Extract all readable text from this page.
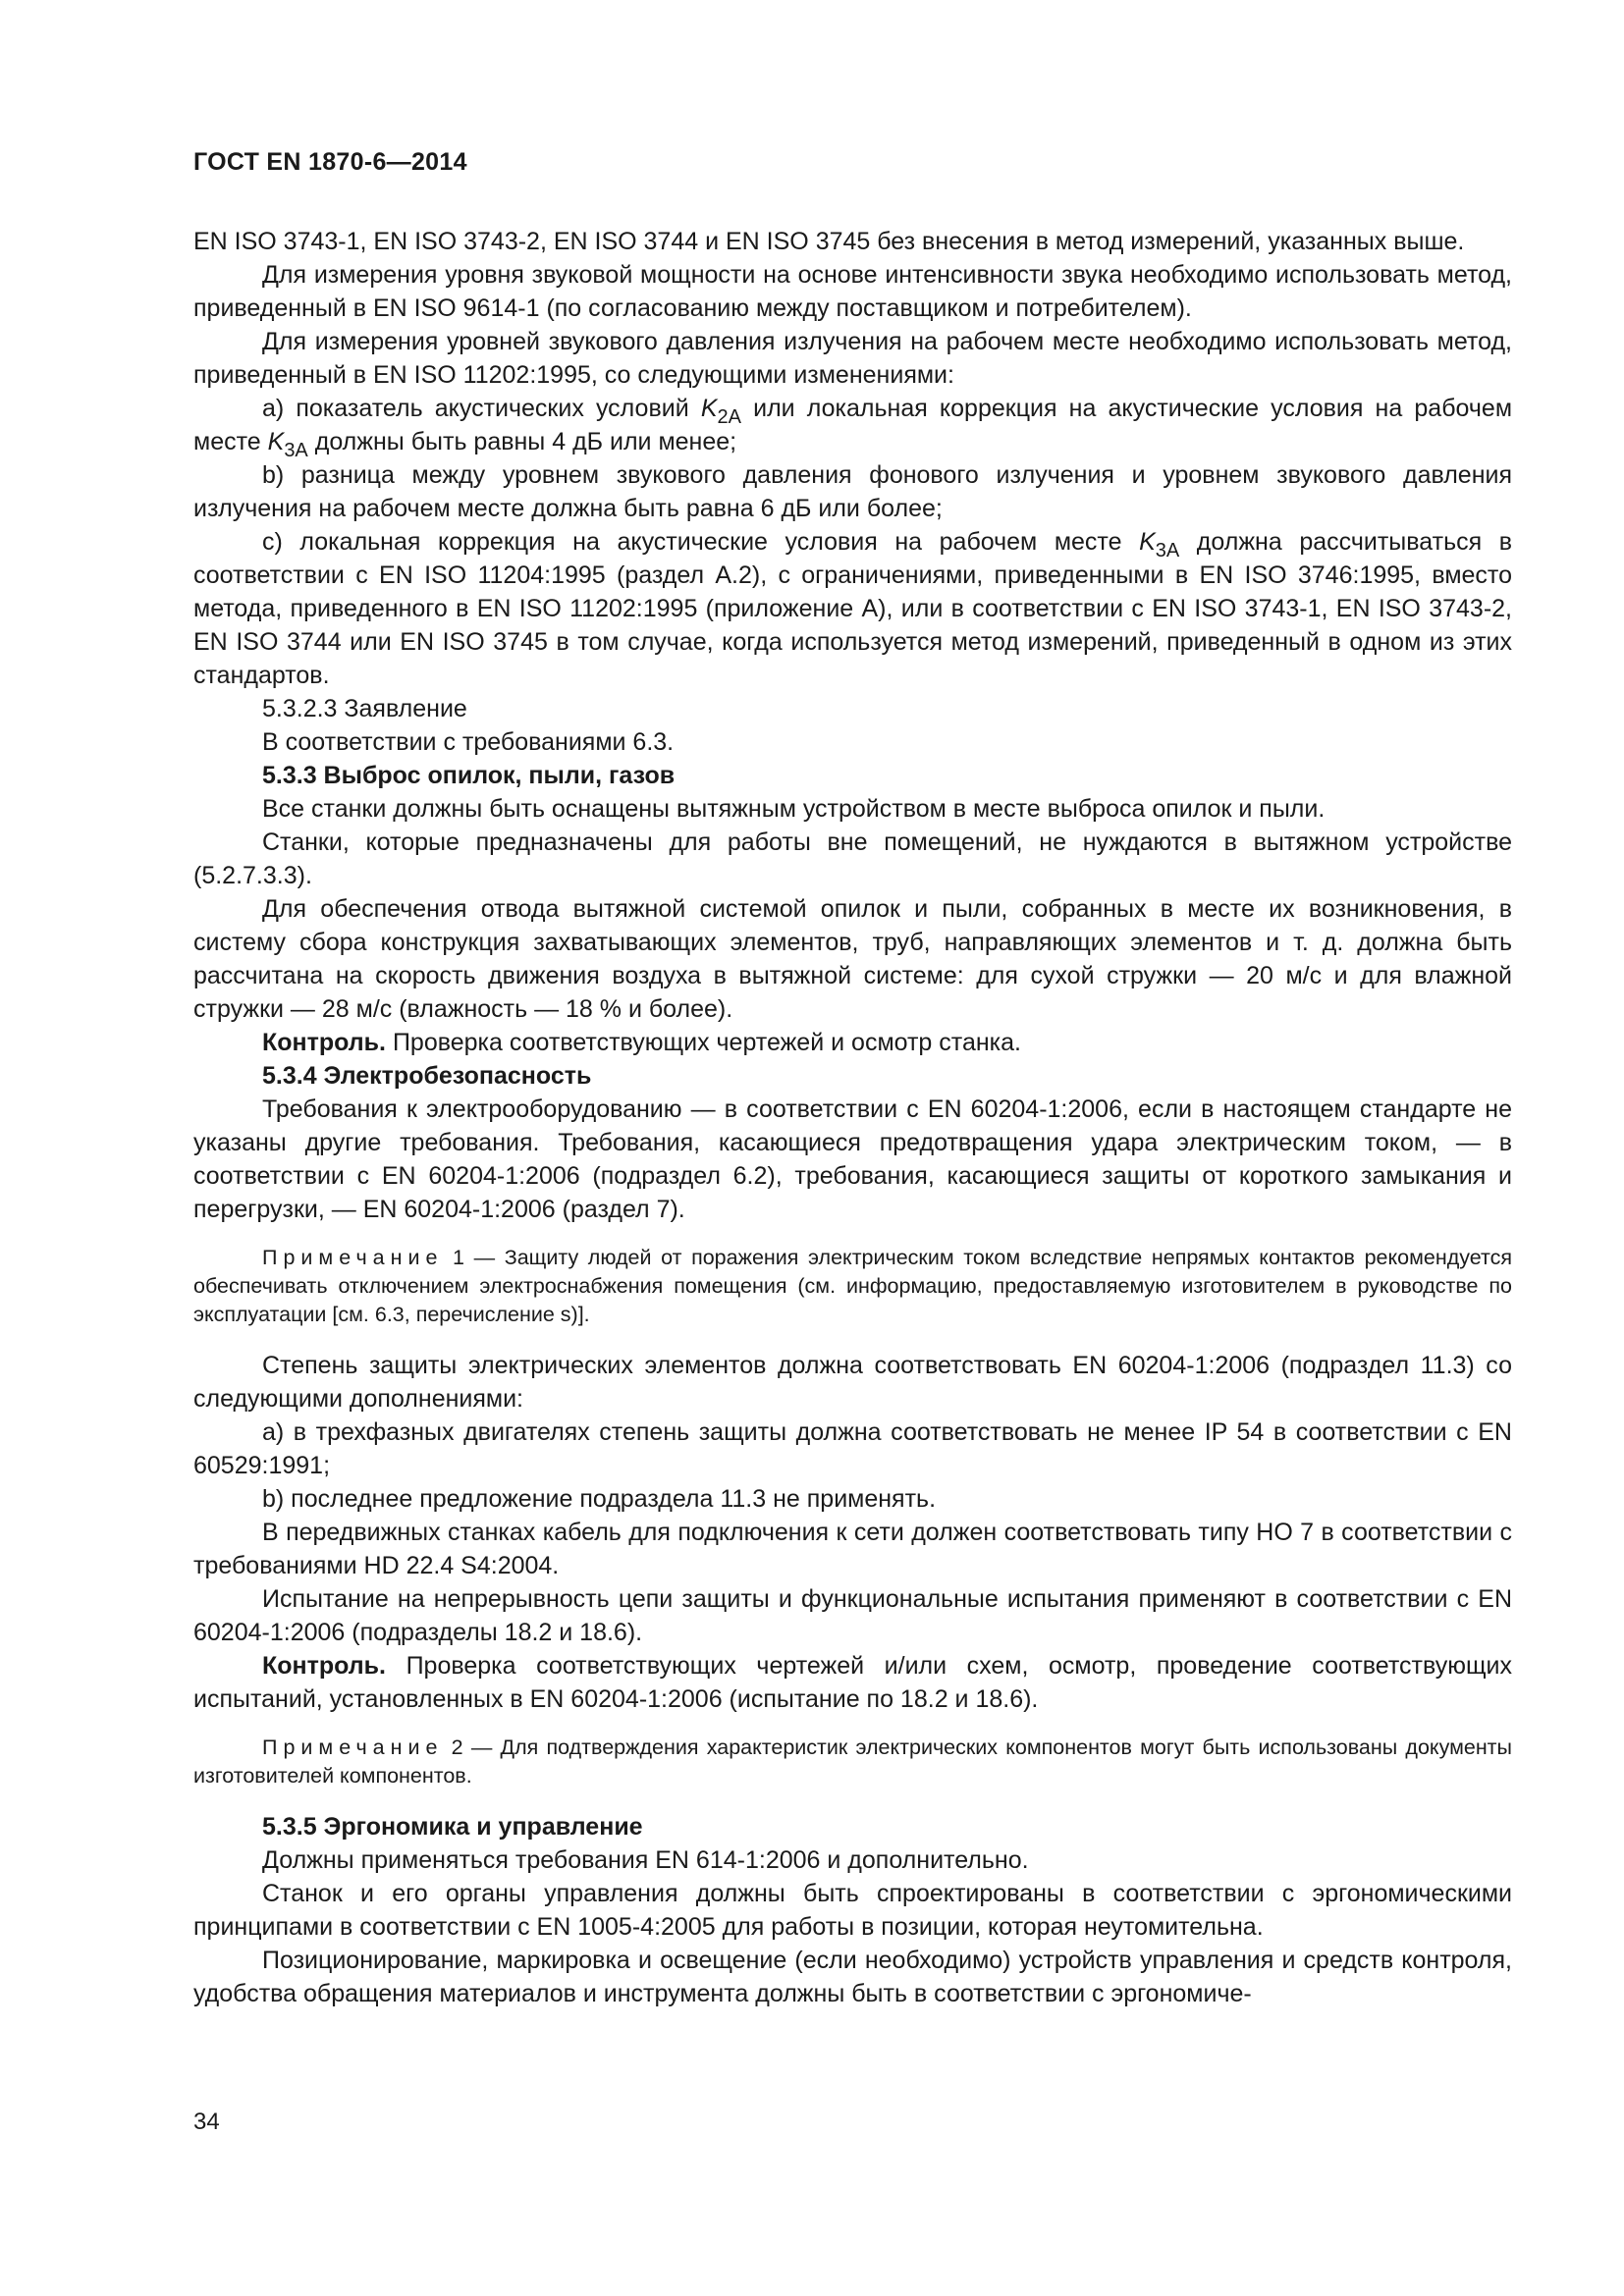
ГОСТ EN 1870-6—2014

EN ISO 3743-1, EN ISO 3743-2, EN ISO 3744 и EN ISO 3745 без внесения в метод измерений, указанных выше.

Для измерения уровня звуковой мощности на основе интенсивности звука необходимо использовать метод, приведенный в EN ISO 9614-1 (по согласованию между поставщиком и потребителем).

Для измерения уровней звукового давления излучения на рабочем месте необходимо использовать метод, приведенный в EN ISO 11202:1995, со следующими изменениями:

a) показатель акустических условий $K_{2A}$ или локальная коррекция на акустические условия на рабочем месте $K_{3A}$ должны быть равны 4 дБ или менее;

b) разница между уровнем звукового давления фонового излучения и уровнем звукового давления излучения на рабочем месте должна быть равна 6 дБ или более;

c) локальная коррекция на акустические условия на рабочем месте $K_{3A}$ должна рассчитываться в соответствии с EN ISO 11204:1995 (раздел A.2), с ограничениями, приведенными в EN ISO 3746:1995, вместо метода, приведенного в EN ISO 11202:1995 (приложение A), или в соответствии с EN ISO 3743-1, EN ISO 3743-2, EN ISO 3744 или EN ISO 3745 в том случае, когда используется метод измерений, приведенный в одном из этих стандартов.

5.3.2.3 Заявление

В соответствии с требованиями 6.3.

5.3.3 Выброс опилок, пыли, газов

Все станки должны быть оснащены вытяжным устройством в месте выброса опилок и пыли.

Станки, которые предназначены для работы вне помещений, не нуждаются в вытяжном устройстве (5.2.7.3.3).

Для обеспечения отвода вытяжной системой опилок и пыли, собранных в месте их возникновения, в систему сбора конструкция захватывающих элементов, труб, направляющих элементов и т. д. должна быть рассчитана на скорость движения воздуха в вытяжной системе: для сухой стружки — 20 м/с и для влажной стружки — 28 м/с (влажность — 18 % и более).

Контроль. Проверка соответствующих чертежей и осмотр станка.

5.3.4 Электробезопасность

Требования к электрооборудованию — в соответствии с EN 60204-1:2006, если в настоящем стандарте не указаны другие требования. Требования, касающиеся предотвращения удара электрическим током, — в соответствии с EN 60204-1:2006 (подраздел 6.2), требования, касающиеся защиты от короткого замыкания и перегрузки, — EN 60204-1:2006 (раздел 7).

Примечание 1 — Защиту людей от поражения электрическим током вследствие непрямых контактов рекомендуется обеспечивать отключением электроснабжения помещения (см. информацию, предоставляемую изготовителем в руководстве по эксплуатации [см. 6.3, перечисление s)].

Степень защиты электрических элементов должна соответствовать EN 60204-1:2006 (подраздел 11.3) со следующими дополнениями:

a) в трехфазных двигателях степень защиты должна соответствовать не менее IP 54 в соответствии с EN 60529:1991;

b) последнее предложение подраздела 11.3 не применять.

В передвижных станках кабель для подключения к сети должен соответствовать типу НО 7 в соответствии с требованиями HD 22.4 S4:2004.

Испытание на непрерывность цепи защиты и функциональные испытания применяют в соответствии с EN 60204-1:2006 (подразделы 18.2 и 18.6).

Контроль. Проверка соответствующих чертежей и/или схем, осмотр, проведение соответствующих испытаний, установленных в EN 60204-1:2006 (испытание по 18.2 и 18.6).

Примечание 2 — Для подтверждения характеристик электрических компонентов могут быть использованы документы изготовителей компонентов.

5.3.5 Эргономика и управление

Должны применяться требования EN 614-1:2006 и дополнительно.

Станок и его органы управления должны быть спроектированы в соответствии с эргономическими принципами в соответствии с EN 1005-4:2005 для работы в позиции, которая неутомительна.

Позиционирование, маркировка и освещение (если необходимо) устройств управления и средств контроля, удобства обращения материалов и инструмента должны быть в соответствии с эргономиче-

34
